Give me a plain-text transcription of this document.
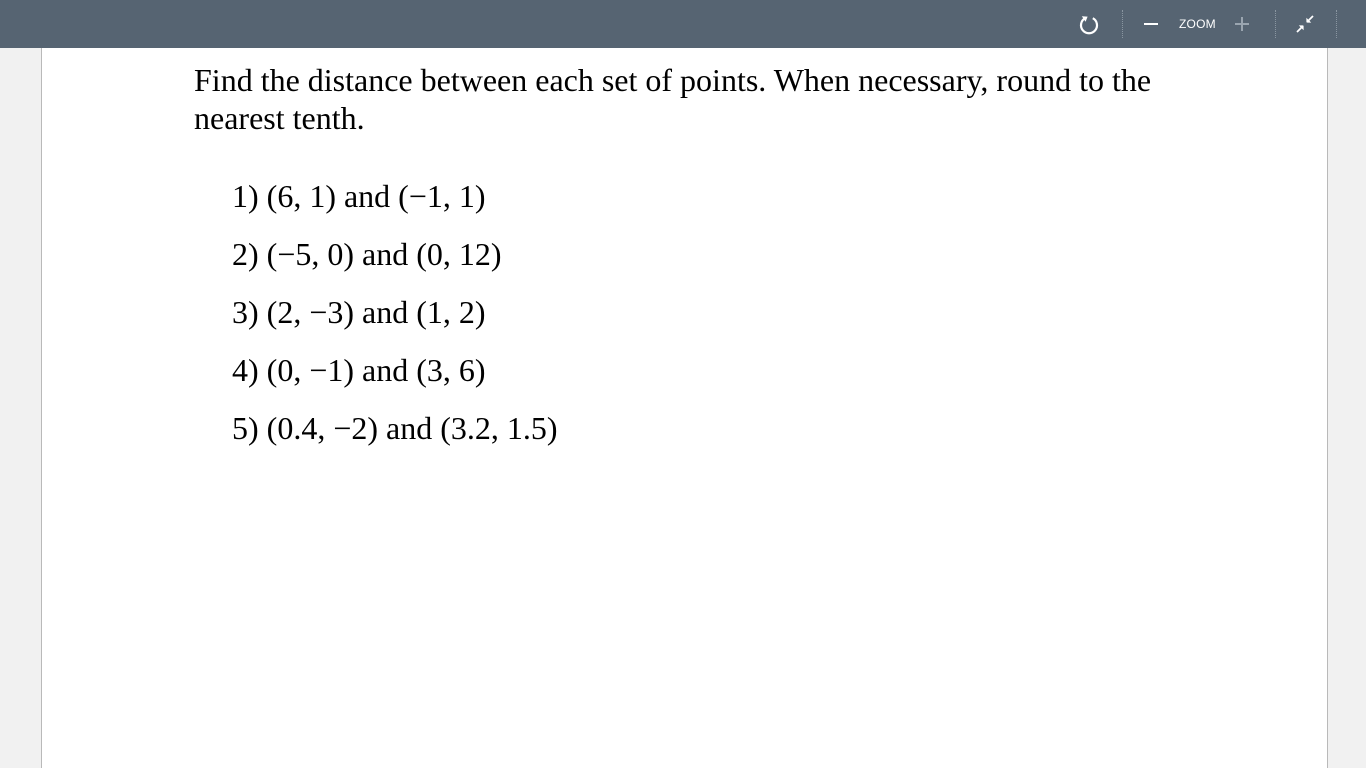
ZOOM

Find the distance between each set of points. When necessary, round to the nearest tenth.

1) (6, 1) and (−1, 1)
2) (−5, 0) and (0, 12)
3) (2, −3) and (1, 2)
4) (0, −1) and (3, 6)
5) (0.4, −2) and (3.2, 1.5)
